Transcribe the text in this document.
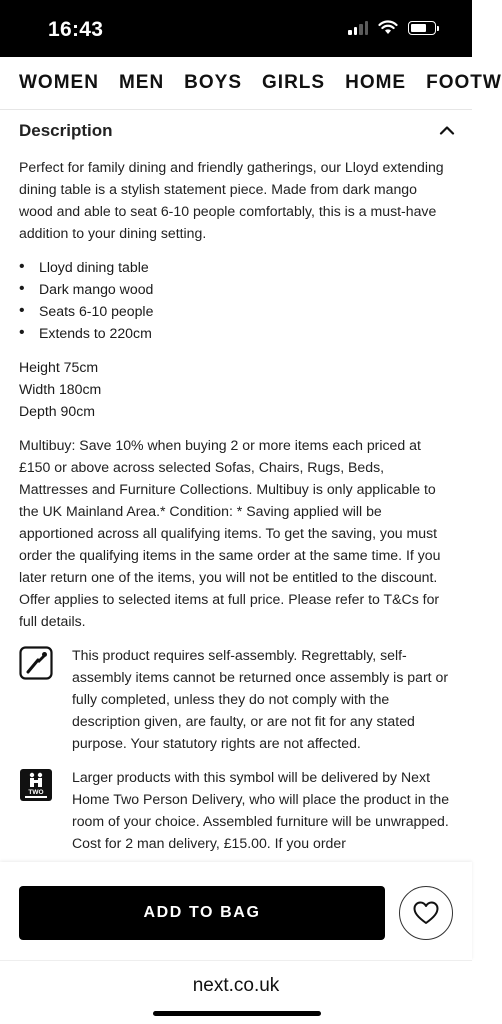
16:43
WOMEN MEN BOYS GIRLS HOME FOOTW
Description

Perfect for family dining and friendly gatherings, our Lloyd extending dining table is a stylish statement piece. Made from dark mango wood and able to seat 6-10 people comfortably, this is a must-have addition to your dining setting.

• Lloyd dining table
• Dark mango wood
• Seats 6-10 people
• Extends to 220cm
Height 75cm
Width 180cm
Depth 90cm

Multibuy: Save 10% when buying 2 or more items each priced at £150 or above across selected Sofas, Chairs, Rugs, Beds, Mattresses and Furniture Collections. Multibuy is only applicable to the UK Mainland Area.* Condition: * Saving applied will be apportioned across all qualifying items. To get the saving, you must order the qualifying items in the same order at the same time. If you later return one of the items, you will not be entitled to the discount. Offer applies to selected items at full price. Please refer to T&Cs for full details.

This product requires self-assembly. Regrettably, self-assembly items cannot be returned once assembly is part or fully completed, unless they do not comply with the description given, are faulty, or are not fit for any stated purpose. Your statutory rights are not affected.
TWO
Larger products with this symbol will be delivered by Next Home Two Person Delivery, who will place the product in the room of your choice. Assembled furniture will be unwrapped. Cost for 2 man delivery, £15.00. If you order
ADD TO BAG
next.co.uk
